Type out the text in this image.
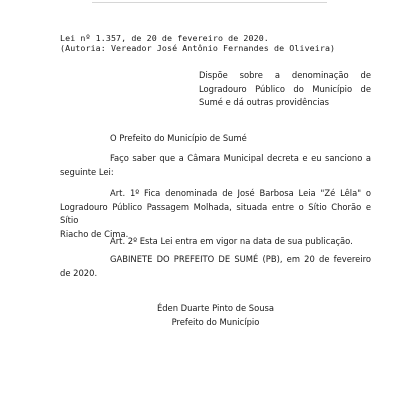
Lei nº 1.357, de 20 de fevereiro de 2020.
(Autoria: Vereador José Antônio Fernandes de Oliveira)
Dispõe sobre a denominação de
Logradouro Público do Município de
Sumé e dá outras providências
O Prefeito do Município de Sumé
Faço saber que a Câmara Municipal decreta e eu sanciono a
seguinte Lei:
Art. 1º Fica denominada de José Barbosa Leia "Zé Lêla" o
Logradouro Público Passagem Molhada, situada entre o Sítio Chorão e Sítio
Riacho de Cima.
Art. 2º Esta Lei entra em vigor na data de sua publicação.
GABINETE DO PREFEITO DE SUMÉ (PB), em 20 de fevereiro
de 2020.
Éden Duarte Pinto de Sousa
Prefeito do Município
